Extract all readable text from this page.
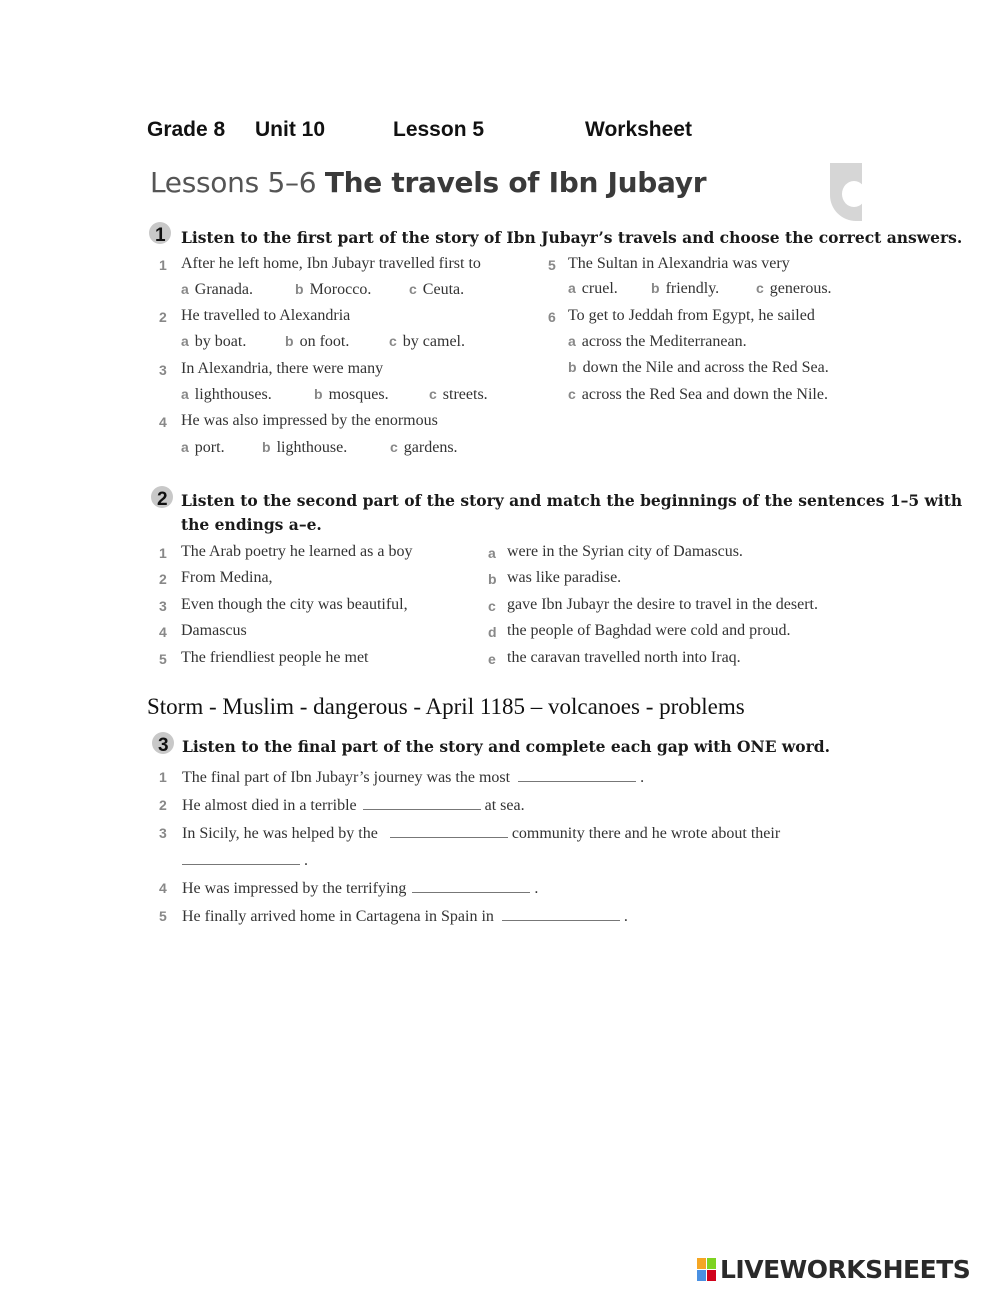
Grade 8

Unit 10

	Lesson 5

	Worksheet

Lessons 5–6 The travels of Ibn Jubayr
1 Listen to the first part of the story of Ibn Jubayr’s travels and choose the correct answers.
1 After he left home, Ibn Jubayr travelled first to
a Granada.	b Morocco.	c Ceuta.
2 He travelled to Alexandria
a by boat.	b on foot.	c by camel.
3 In Alexandria, there were many
a lighthouses.	b mosques.	c streets.
4 He was also impressed by the enormous
a port.	b lighthouse.	c gardens.
5 The Sultan in Alexandria was very
a cruel. b friendly.	c generous.
6 To get to Jeddah from Egypt, he sailed
a across the Mediterranean.
b down the Nile and across the Red Sea.
c across the Red Sea and down the Nile.
2 Listen to the second part of the story and match the beginnings of the sentences 1–5 with
the endings a–e.
1 The Arab poetry he learned as a boy
2 From Medina,
3 Even though the city was beautiful,
4 Damascus
5 The friendliest people he met
a were in the Syrian city of Damascus.
b was like paradise.
c gave Ibn Jubayr the desire to travel in the desert.
d the people of Baghdad were cold and proud.
e the caravan travelled north into Iraq.
Storm - Muslim - dangerous - April 1185 – volcanoes - problems
3 Listen to the final part of the story and complete each gap with ONE word.
1 The final part of Ibn Jubayr’s journey was the most	.
2 He almost died in a terrible	at sea.
3 In Sicily, he was helped by the	community there and he wrote about their
.
4 He was impressed by the terrifying	.
5 He finally arrived home in Cartagena in Spain in	.
LIVEWORKSHEETS
